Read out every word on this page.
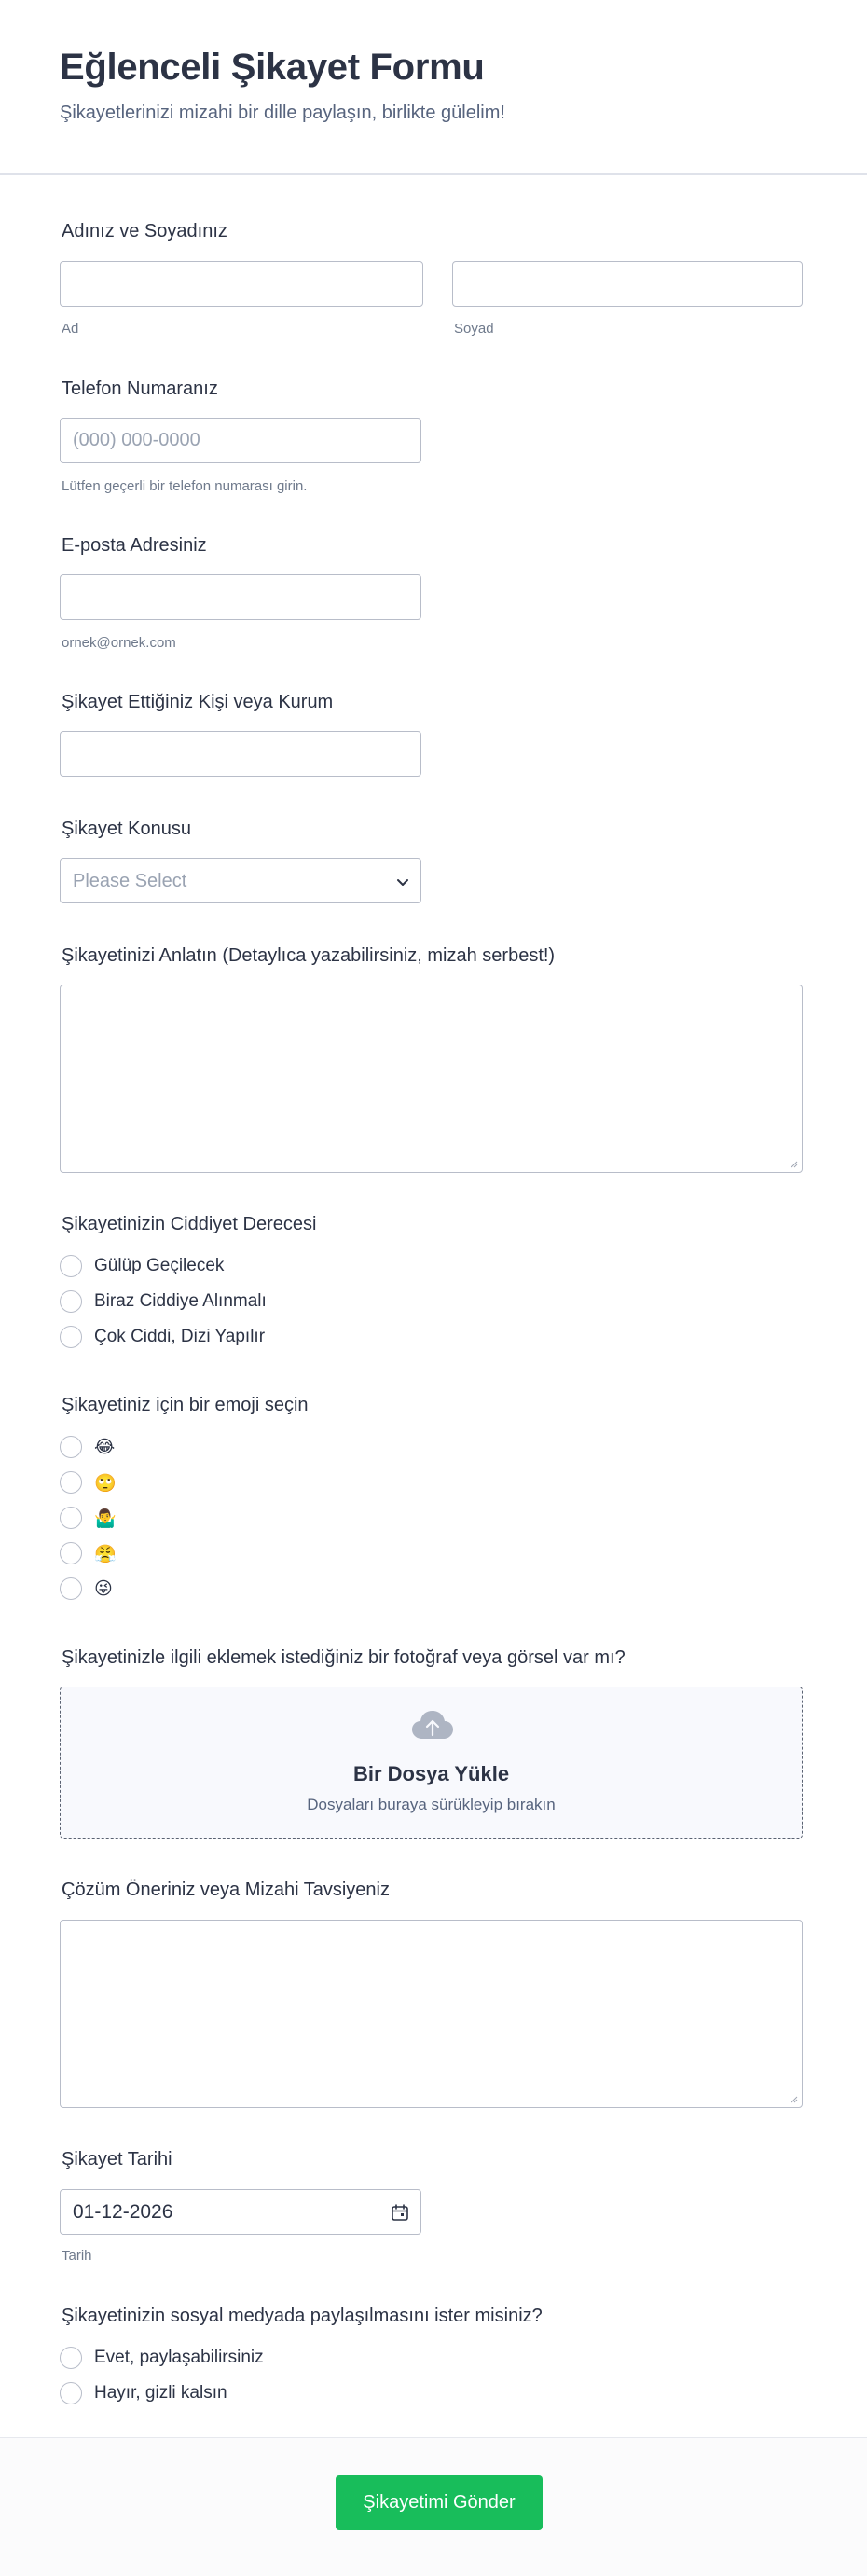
Eğlenceli Şikayet Formu
Şikayetlerinizi mizahi bir dille paylaşın, birlikte gülelim!
Adınız ve Soyadınız
Ad	Soyad
Telefon Numaranız
(000) 000-0000
Lütfen geçerli bir telefon numarası girin.
E-posta Adresiniz
ornek@ornek.com
Şikayet Ettiğiniz Kişi veya Kurum
Şikayet Konusu
Please Select
Şikayetinizi Anlatın (Detaylıca yazabilirsiniz, mizah serbest!)
Şikayetinizin Ciddiyet Derecesi
Gülüp Geçilecek
Biraz Ciddiye Alınmalı
Çok Ciddi, Dizi Yapılır
Şikayetiniz için bir emoji seçin
😂
🙄
🤷‍♂️
😤
😜
Şikayetinizle ilgili eklemek istediğiniz bir fotoğraf veya görsel var mı?
Bir Dosya Yükle
Dosyaları buraya sürükleyip bırakın
Çözüm Öneriniz veya Mizahi Tavsiyeniz
Şikayet Tarihi
01-12-2026
Tarih
Şikayetinizin sosyal medyada paylaşılmasını ister misiniz?
Evet, paylaşabilirsiniz
Hayır, gizli kalsın
Şikayetimi Gönder
